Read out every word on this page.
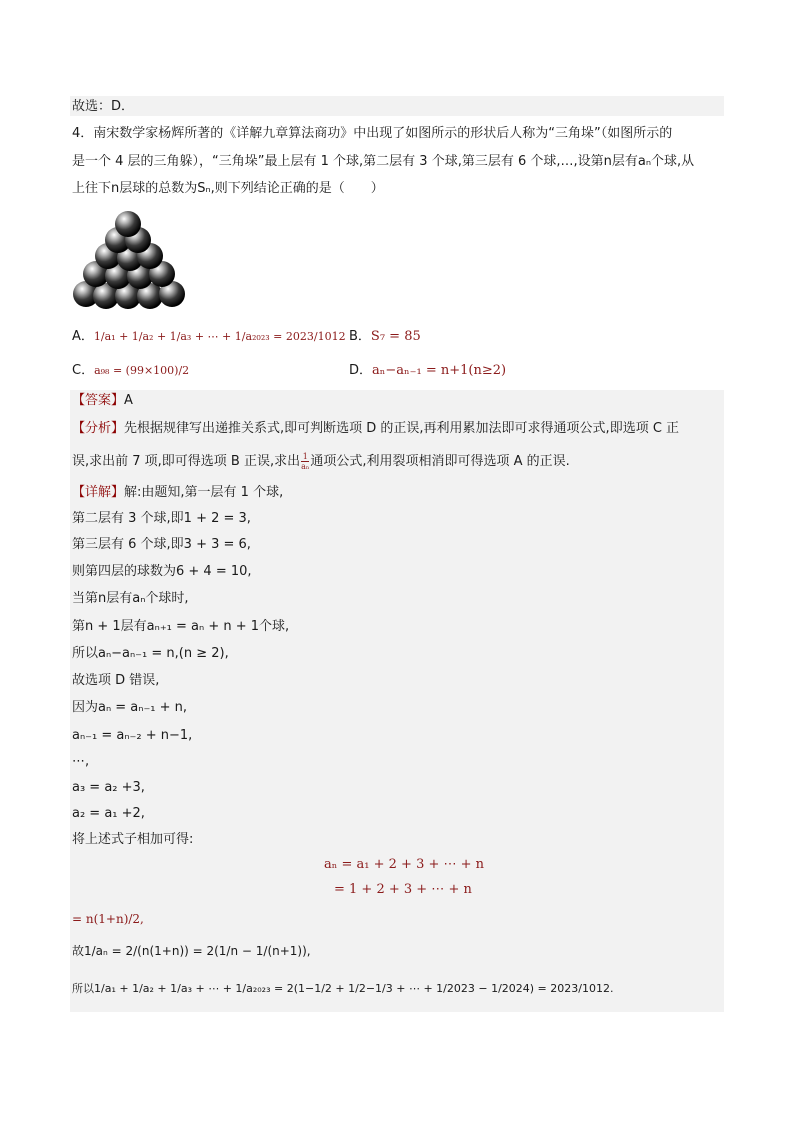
故选：D．
4．南宋数学家杨辉所著的《详解九章算法商功》中出现了如图所示的形状后人称为“三角垛”（如图所示的
是一个 4 层的三角躲），“三角垛”最上层有 1 个球,第二层有 3 个球,第三层有 6 个球,…,设第n层有aₙ个球,从
上往下n层球的总数为Sₙ,则下列结论正确的是（　　）
A．1/a₁ + 1/a₂ + 1/a₃ + ⋯ + 1/a₂₀₂₃ = 2023/1012 B．S₇ = 85
C．a₉₈ = (99×100)/2	D．aₙ−aₙ₋₁ = n+1(n≥2)
【答案】A
【分析】先根据规律写出递推关系式,即可判断选项 D 的正误,再利用累加法即可求得通项公式,即选项 C 正
误,求出前 7 项,即可得选项 B 正误,求出 $\frac{1}{\text{aₙ}}$ 通项公式,利用裂项相消即可得选项 A 的正误.
【详解】解:由题知,第一层有 1 个球,
第二层有 3 个球,即1 + 2 = 3,
第三层有 6 个球,即3 + 3 = 6,
则第四层的球数为6 + 4 = 10,
当第n层有aₙ个球时,
第n + 1层有aₙ₊₁ = aₙ + n + 1个球,
所以aₙ−aₙ₋₁ = n,(n ≥ 2),
故选项 D 错误,
因为aₙ = aₙ₋₁ + n,
aₙ₋₁ = aₙ₋₂ + n−1,
⋯,
a₃ = a₂ +3,
a₂ = a₁ +2,
将上述式子相加可得:
aₙ = a₁ + 2 + 3 + ⋯ + n
= 1 + 2 + 3 + ⋯ + n
= n(1+n)/2,
故1/aₙ = 2/(n(1+n)) = 2(1/n − 1/(n+1)),
所以1/a₁ + 1/a₂ + 1/a₃ + ⋯ + 1/a₂₀₂₃ = 2(1−1/2 + 1/2−1/3 + ⋯ + 1/2023 − 1/2024) = 2023/1012.
